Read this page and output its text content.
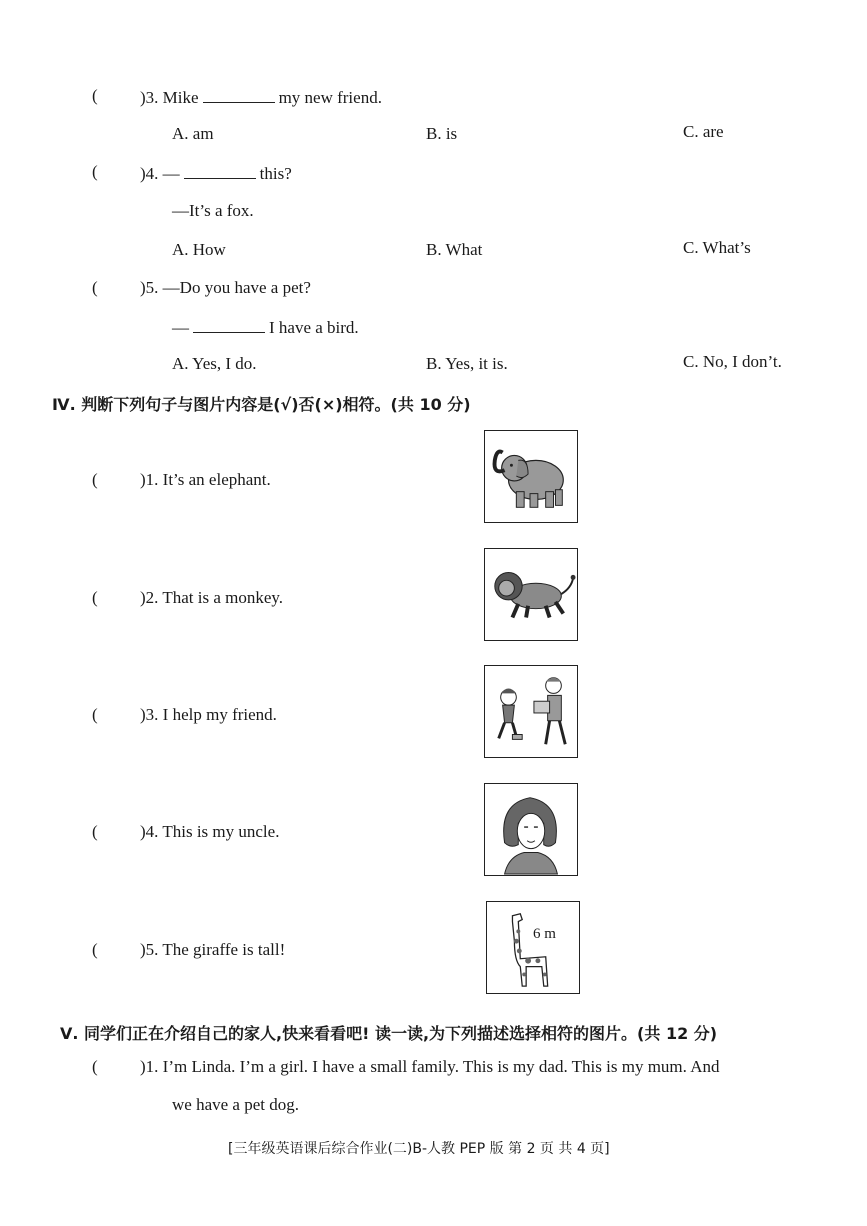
( )3. Mike	my new friend.
A. am	B. is	C. are
( )4. —	this?
—It’s a fox.
A. How	B. What	C. What’s
( )5. —Do you have a pet?
—	I have a bird.
A. Yes, I do.	B. Yes, it is.	C. No, I don’t.
Ⅳ. 判断下列句子与图片内容是(√)否(×)相符。(共 10 分)
( )1. It’s an elephant.
( )2. That is a monkey.
( )3. I help my friend.
( )4. This is my uncle.
( )5. The giraffe is tall!
6 m
Ⅴ. 同学们正在介绍自己的家人,快来看看吧! 读一读,为下列描述选择相符的图片。(共 12 分)
( )1. I’m Linda. I’m a girl. I have a small family. This is my dad. This is my mum. And
we have a pet dog.
[三年级英语课后综合作业(二)B-人教 PEP 版 第 2 页 共 4 页]
